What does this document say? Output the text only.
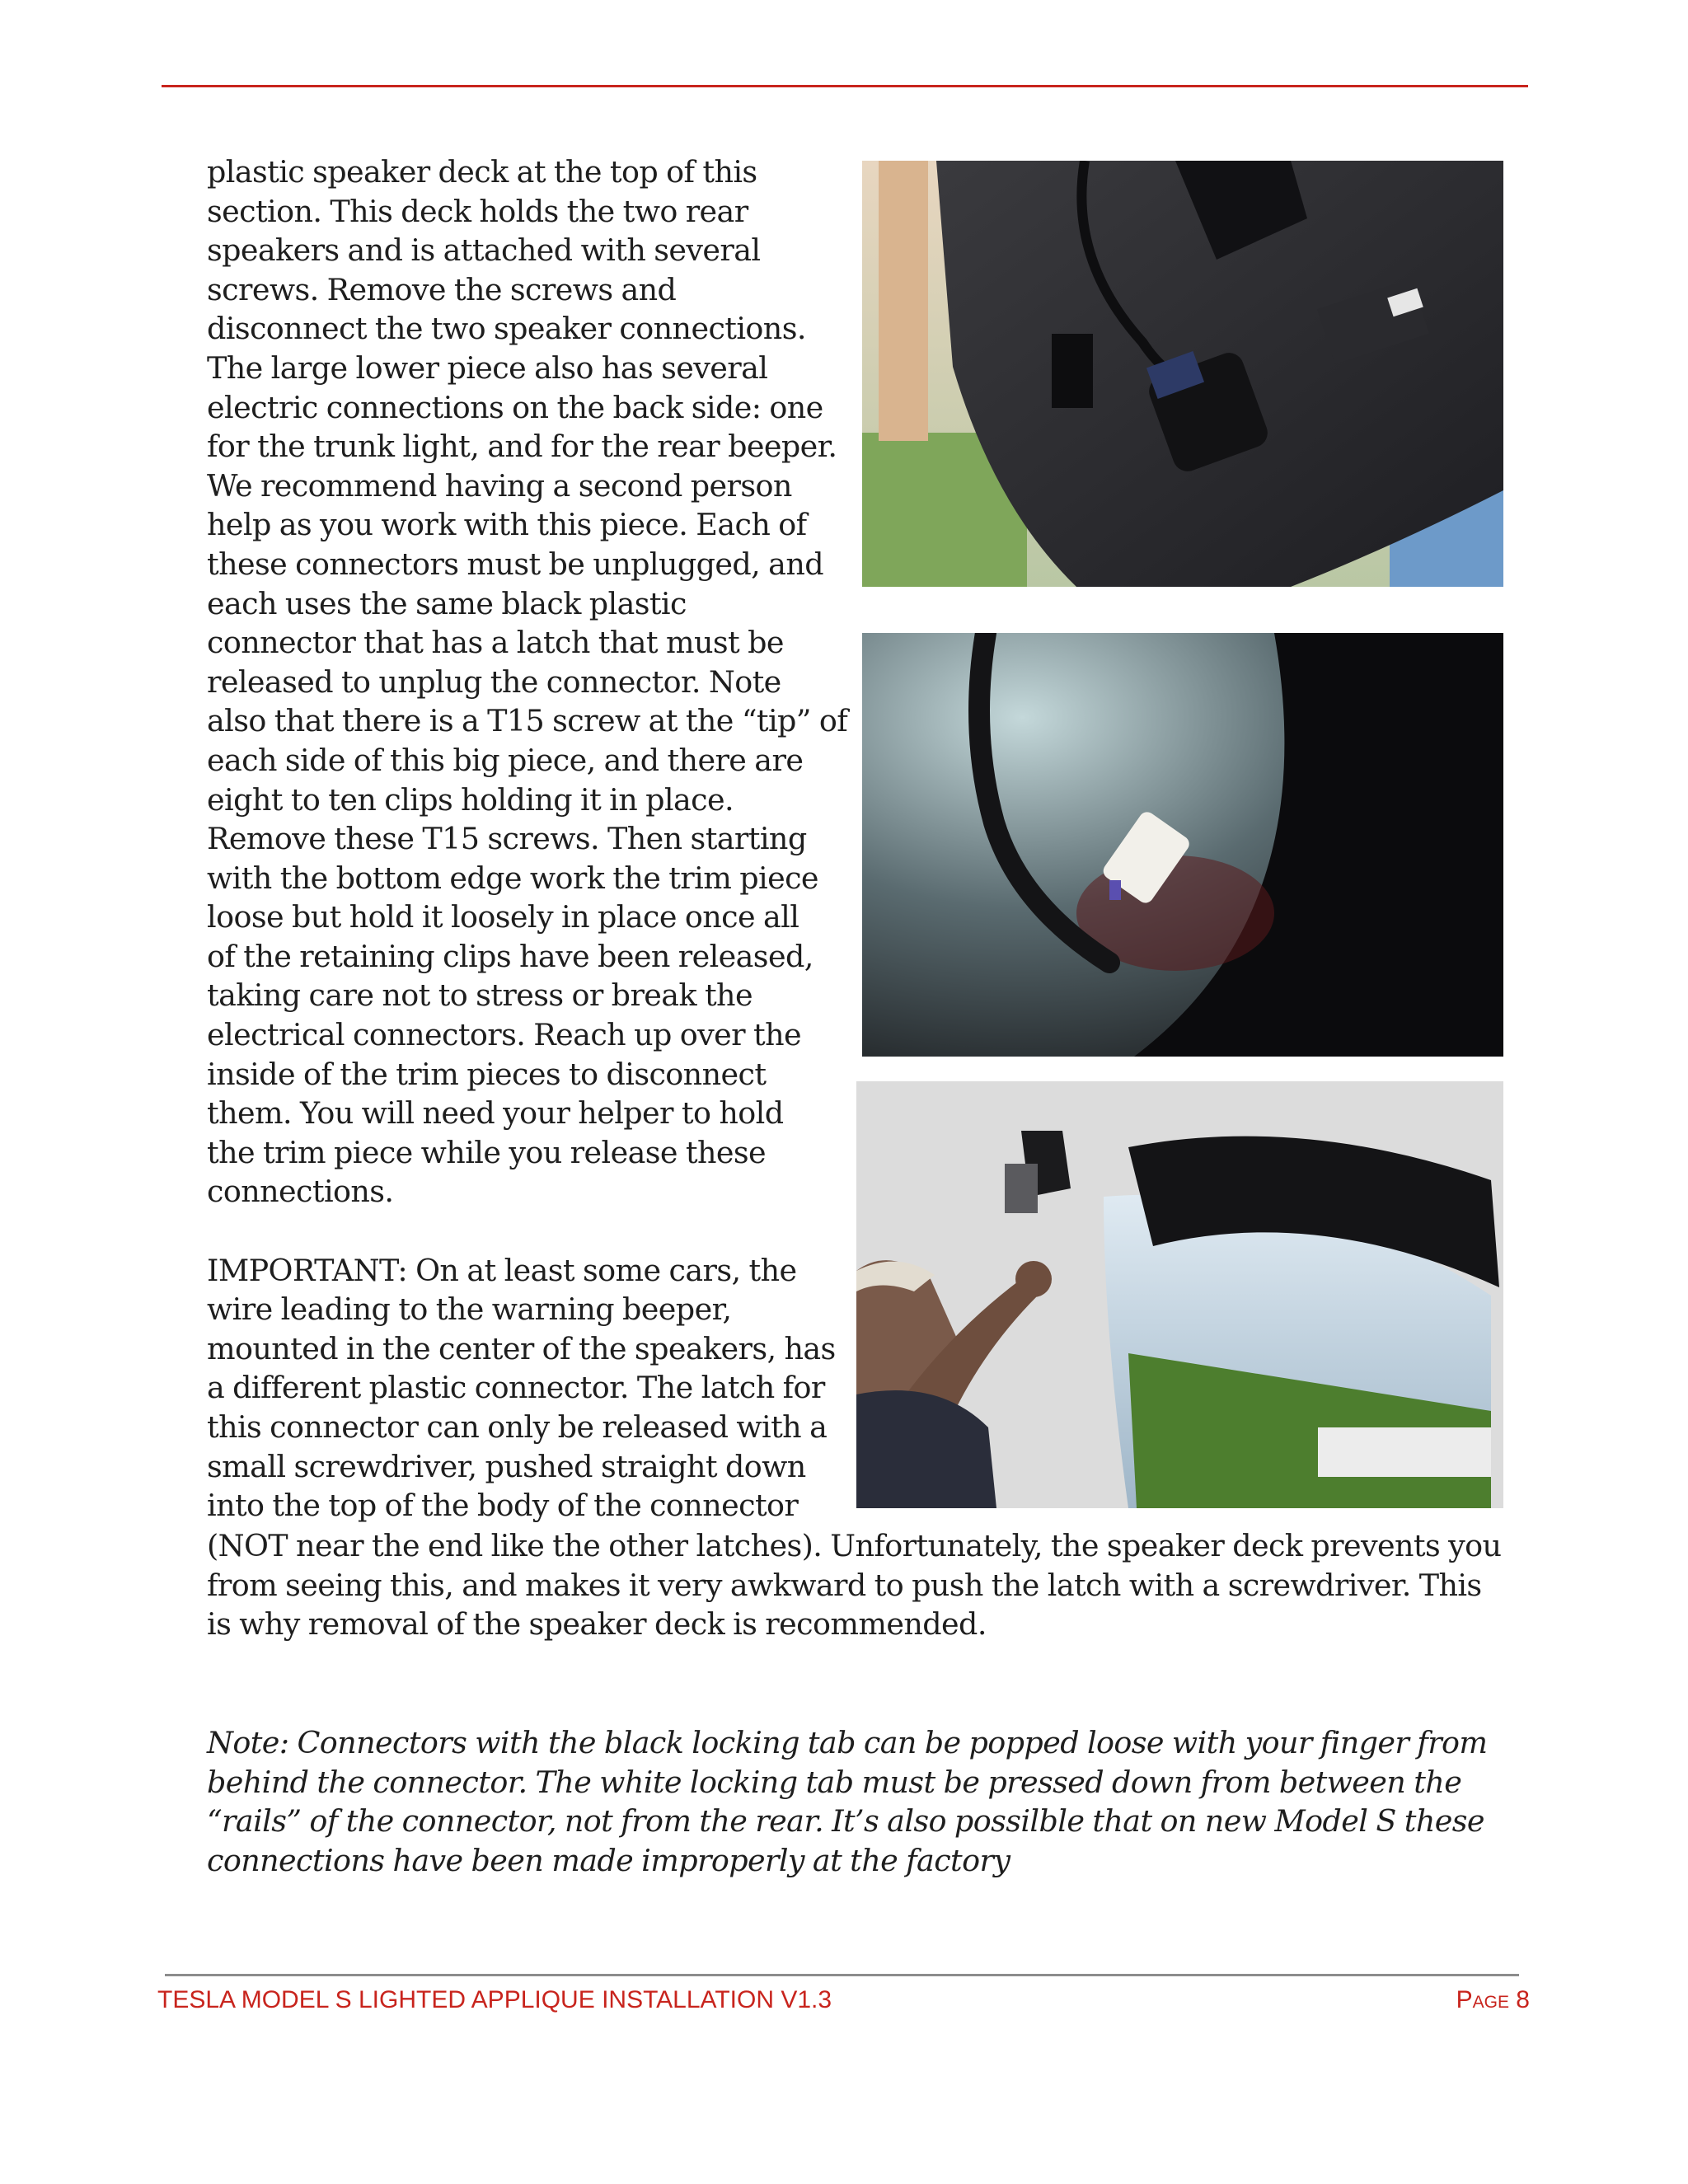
plastic speaker deck at the top of this
section. This deck holds the two rear
speakers and is attached with several
screws. Remove the screws and
disconnect the two speaker connections.
The large lower piece also has several
electric connections on the back side: one
for the trunk light, and for the rear beeper.
We recommend having a second person
help as you work with this piece. Each of
these connectors must be unplugged, and
each uses the same black plastic
connector that has a latch that must be
released to unplug the connector. Note
also that there is a T15 screw at the “tip” of
each side of this big piece, and there are
eight to ten clips holding it in place.
Remove these T15 screws. Then starting
with the bottom edge work the trim piece
loose but hold it loosely in place once all
of the retaining clips have been released,
taking care not to stress or break the
electrical connectors. Reach up over the
inside of the trim pieces to disconnect
them. You will need your helper to hold
the trim piece while you release these
connections.
IMPORTANT: On at least some cars, the
wire leading to the warning beeper,
mounted in the center of the speakers, has
a different plastic connector. The latch for
this connector can only be released with a
small screwdriver, pushed straight down
into the top of the body of the connector
(NOT near the end like the other latches). Unfortunately, the speaker deck prevents you
from seeing this, and makes it very awkward to push the latch with a screwdriver. This
is why removal of the speaker deck is recommended.
Note: Connectors with the black locking tab can be popped loose with your finger from
behind the connector. The white locking tab must be pressed down from between the
“rails” of the connector, not from the rear. It’s also possilble that on new Model S these
connections have been made improperly at the factory
TESLA MODEL S LIGHTED APPLIQUE INSTALLATION V1.3	Page 8
